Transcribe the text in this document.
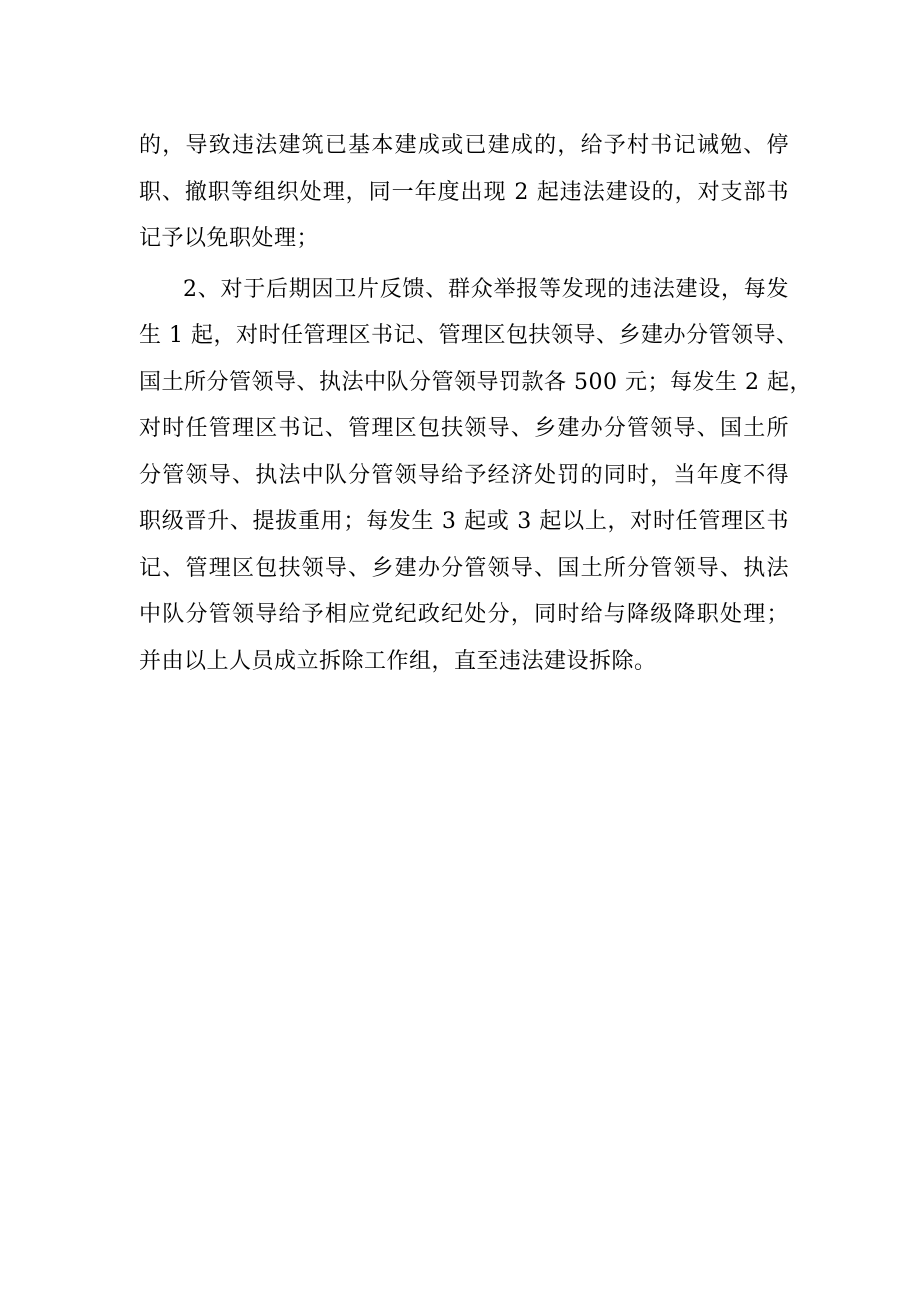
的，导致违法建筑已基本建成或已建成的，给予村书记诫勉、停
职、撤职等组织处理，同一年度出现 2 起违法建设的，对支部书
记予以免职处理；
2、对于后期因卫片反馈、群众举报等发现的违法建设，每发
生 1 起，对时任管理区书记、管理区包扶领导、乡建办分管领导、
国土所分管领导、执法中队分管领导罚款各 500 元；每发生 2 起，
对时任管理区书记、管理区包扶领导、乡建办分管领导、国土所
分管领导、执法中队分管领导给予经济处罚的同时，当年度不得
职级晋升、提拔重用；每发生 3 起或 3 起以上，对时任管理区书
记、管理区包扶领导、乡建办分管领导、国土所分管领导、执法
中队分管领导给予相应党纪政纪处分，同时给与降级降职处理；
并由以上人员成立拆除工作组，直至违法建设拆除。
